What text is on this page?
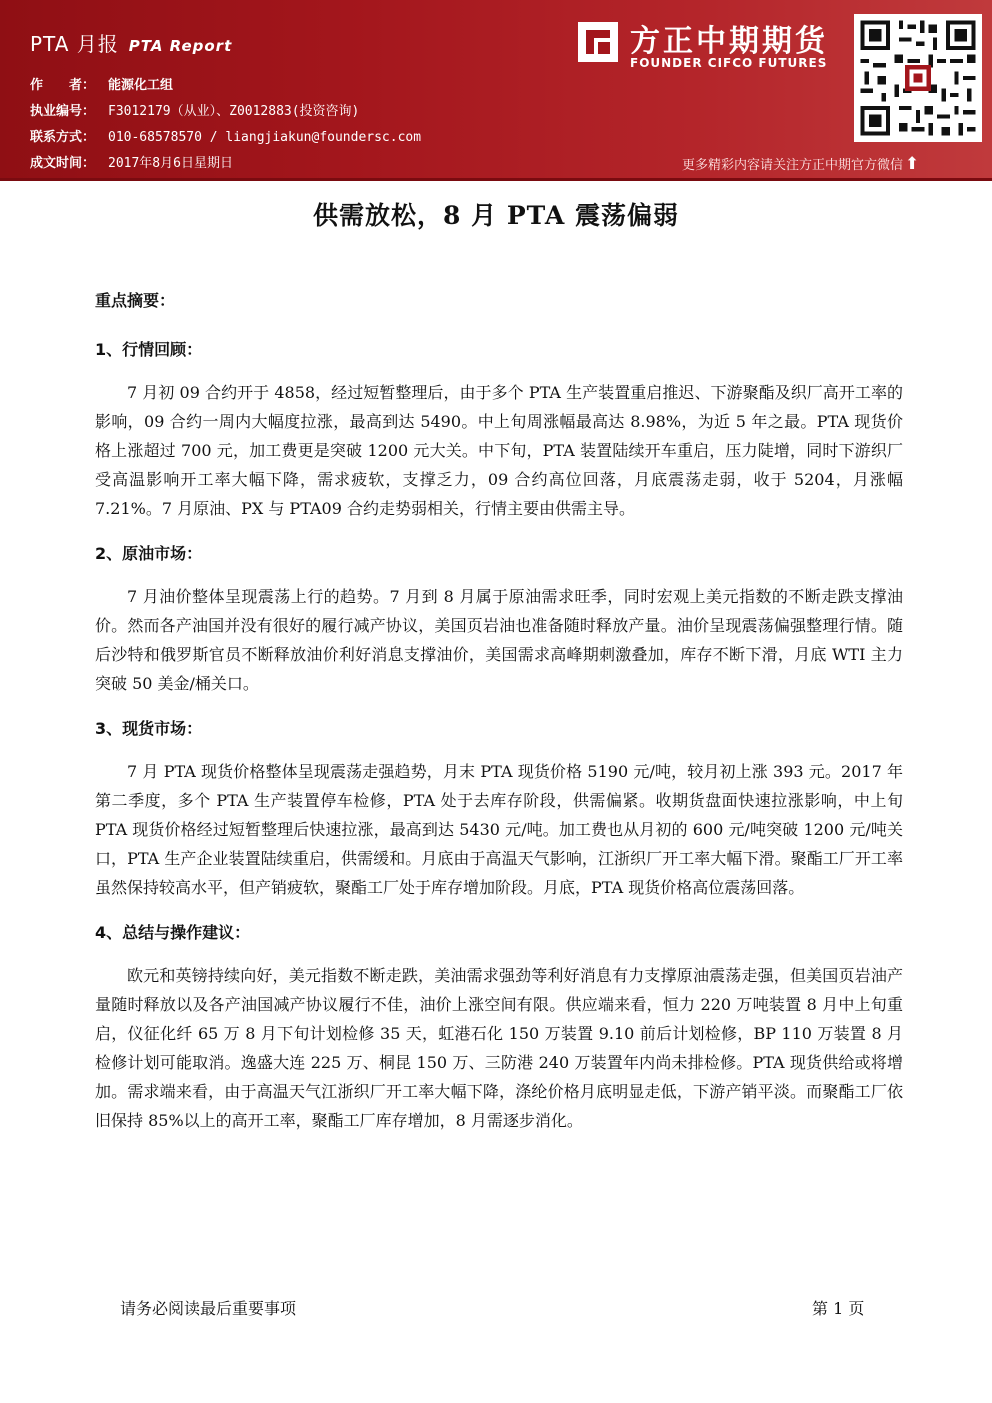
PTA 月报 PTA Report
作　　者： 能源化工组
执业编号： F3012179（从业）、Z0012883(投资咨询)
联系方式： 010-68578570 / liangjiakun@foundersc.com
成文时间： 2017年8月6日星期日
方正中期期货
FOUNDER CIFCO FUTURES
更多精彩内容请关注方正中期官方微信 ⬆
供需放松，8 月 PTA 震荡偏弱

重点摘要：

1、行情回顾：

7 月初 09 合约开于 4858，经过短暂整理后，由于多个 PTA 生产装置重启推迟、下游聚酯及织厂高开工率的影响，09 合约一周内大幅度拉涨，最高到达 5490。中上旬周涨幅最高达 8.98%，为近 5 年之最。PTA 现货价格上涨超过 700 元，加工费更是突破 1200 元大关。中下旬，PTA 装置陆续开车重启，压力陡增，同时下游织厂受高温影响开工率大幅下降，需求疲软，支撑乏力，09 合约高位回落，月底震荡走弱，收于 5204，月涨幅 7.21%。7 月原油、PX 与 PTA09 合约走势弱相关，行情主要由供需主导。

2、原油市场：

7 月油价整体呈现震荡上行的趋势。7 月到 8 月属于原油需求旺季，同时宏观上美元指数的不断走跌支撑油价。然而各产油国并没有很好的履行减产协议，美国页岩油也准备随时释放产量。油价呈现震荡偏强整理行情。随后沙特和俄罗斯官员不断释放油价利好消息支撑油价，美国需求高峰期刺激叠加，库存不断下滑，月底 WTI 主力突破 50 美金/桶关口。

3、现货市场：

7 月 PTA 现货价格整体呈现震荡走强趋势，月末 PTA 现货价格 5190 元/吨，较月初上涨 393 元。2017 年第二季度，多个 PTA 生产装置停车检修，PTA 处于去库存阶段，供需偏紧。收期货盘面快速拉涨影响，中上旬 PTA 现货价格经过短暂整理后快速拉涨，最高到达 5430 元/吨。加工费也从月初的 600 元/吨突破 1200 元/吨关口，PTA 生产企业装置陆续重启，供需缓和。月底由于高温天气影响，江浙织厂开工率大幅下滑。聚酯工厂开工率虽然保持较高水平，但产销疲软，聚酯工厂处于库存增加阶段。月底，PTA 现货价格高位震荡回落。

4、总结与操作建议：

欧元和英镑持续向好，美元指数不断走跌，美油需求强劲等利好消息有力支撑原油震荡走强，但美国页岩油产量随时释放以及各产油国减产协议履行不佳，油价上涨空间有限。供应端来看，恒力 220 万吨装置 8 月中上旬重启，仪征化纤 65 万 8 月下旬计划检修 35 天，虹港石化 150 万装置 9.10 前后计划检修，BP 110 万装置 8 月检修计划可能取消。逸盛大连 225 万、桐昆 150 万、三防港 240 万装置年内尚未排检修。PTA 现货供给或将增加。需求端来看，由于高温天气江浙织厂开工率大幅下降，涤纶价格月底明显走低，下游产销平淡。而聚酯工厂依旧保持 85%以上的高开工率，聚酯工厂库存增加，8 月需逐步消化。

请务必阅读最后重要事项	第 1 页
